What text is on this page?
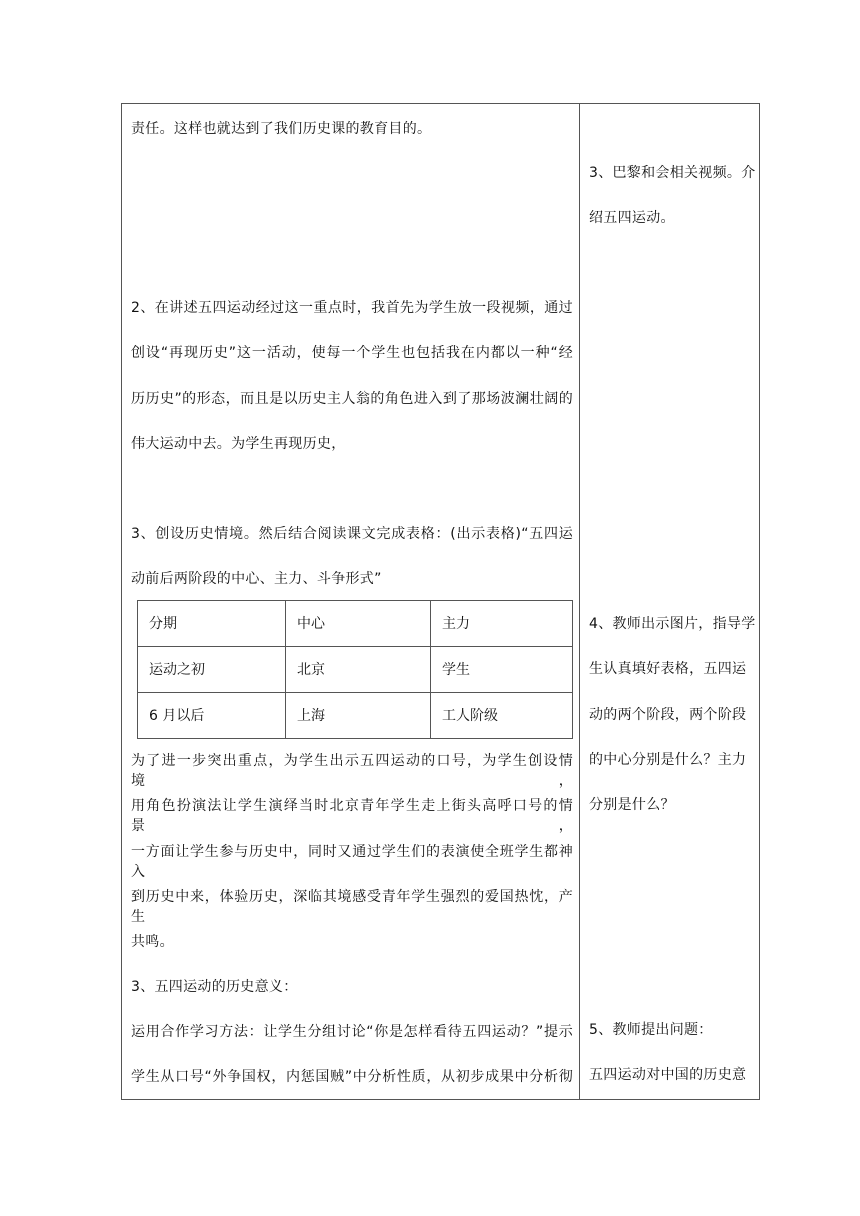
责任。这样也就达到了我们历史课的教育目的。
2、在讲述五四运动经过这一重点时，我首先为学生放一段视频，通过
创设“再现历史”这一活动，使每一个学生也包括我在内都以一种“经
历历史”的形态，而且是以历史主人翁的角色进入到了那场波澜壮阔的
伟大运动中去。为学生再现历史，
3、创设历史情境。然后结合阅读课文完成表格：(出示表格)“五四运
动前后两阶段的中心、主力、斗争形式”
分期	中心	主力
运动之初	北京	学生
6 月以后	上海	工人阶级
为了进一步突出重点，为学生出示五四运动的口号，为学生创设情境，
用角色扮演法让学生演绎当时北京青年学生走上街头高呼口号的情景，
一方面让学生参与历史中，同时又通过学生们的表演使全班学生都神入
到历史中来，体验历史，深临其境感受青年学生强烈的爱国热忱，产生
共鸣。
3、五四运动的历史意义：
运用合作学习方法：让学生分组讨论“你是怎样看待五四运动？”提示
学生从口号“外争国权，内惩国贼”中分析性质，从初步成果中分析彻
3、巴黎和会相关视频。介
绍五四运动。
4、教师出示图片，指导学
生认真填好表格，五四运
动的两个阶段，两个阶段
的中心分别是什么？主力
分别是什么？
5、教师提出问题：
五四运动对中国的历史意
